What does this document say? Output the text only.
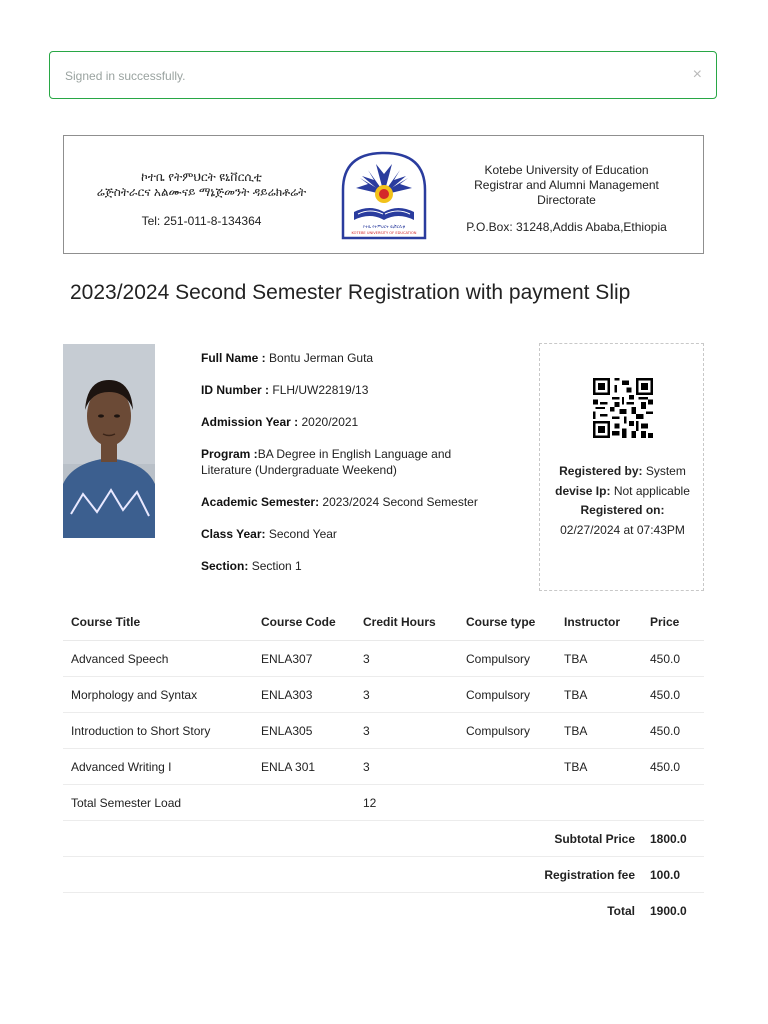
Signed in successfully.	×
ኮተቤ የትምህርት ዩኒቨርሲቲ
ሬጅስትራርና አልሙናይ ማኔጅመንት ዳይሬክቶሬት
Tel: 251-011-8-134364	ኮተቤ የትምህርት ዩኒቨርሲቲ
KOTEBE UNIVERSITY OF EDUCATION
Kotebe University of Education
Registrar and Alumni Management
Directorate
P.O.Box: 31248,Addis Ababa,Ethiopia
2023/2024 Second Semester Registration with payment Slip
Full Name : Bontu Jerman Guta
ID Number : FLH/UW22819/13
Admission Year : 2020/2021
Program :BA Degree in English Language and Literature (Undergraduate Weekend)
Academic Semester: 2023/2024 Second Semester
Class Year: Second Year
Section: Section 1
Registered by: System
devise Ip: Not applicable
Registered on:
02/27/2024 at 07:43PM
Course Title	Course Code	Credit Hours	Course type	Instructor	Price
Advanced Speech	ENLA307	3	Compulsory	TBA	450.0
Morphology and Syntax	ENLA303	3	Compulsory	TBA	450.0
Introduction to Short Story	ENLA305	3	Compulsory	TBA	450.0
Advanced Writing I	ENLA 301	3		TBA	450.0
Total Semester Load		12			
Subtotal Price					1800.0
Registration fee					100.0
Total					1900.0
